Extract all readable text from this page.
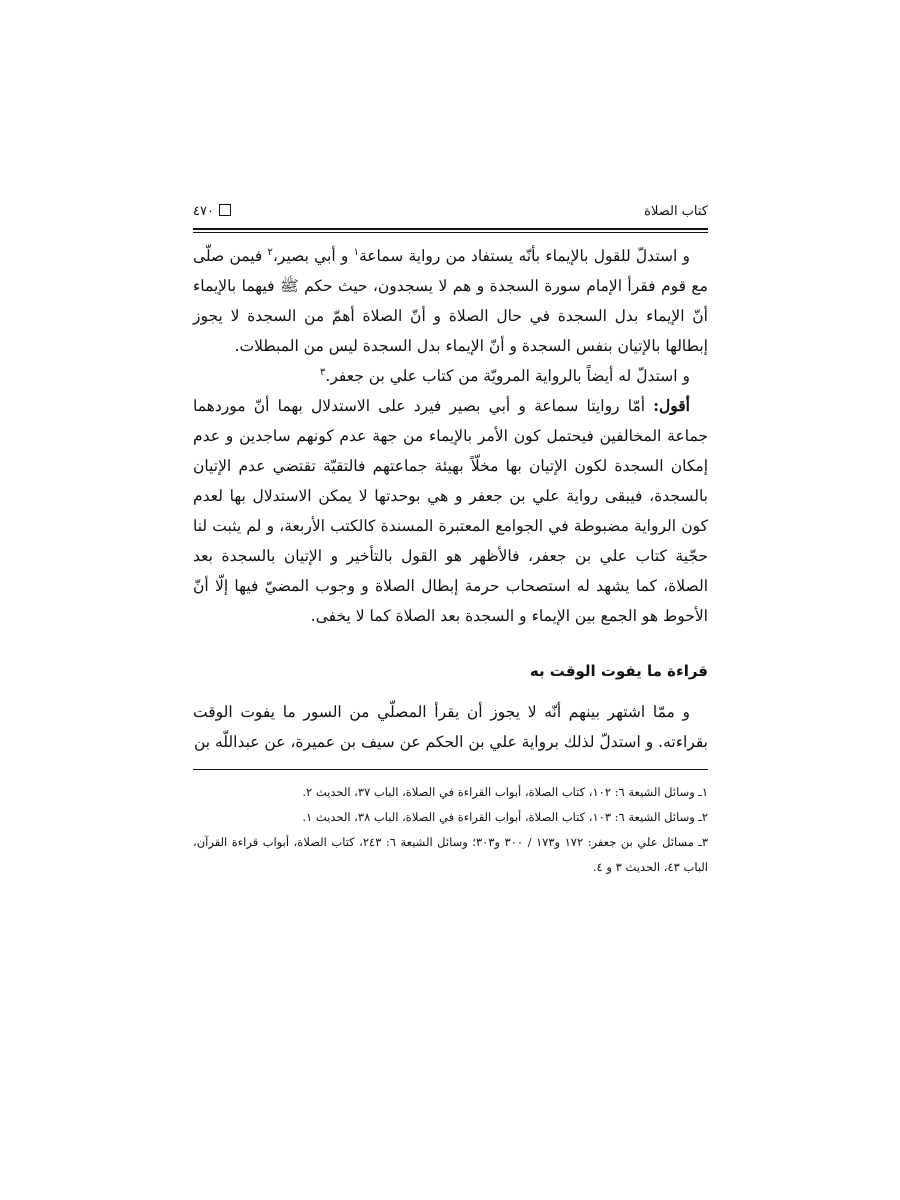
كتاب الصلاة
٤٧٠

و استدلّ للقول بالإيماء بأنّه يستفاد من رواية سماعة$^١$ و أبي بصير،$^٢$ فيمن صلّى مع قوم فقرأ الإمام سورة السجدة و هم لا يسجدون، حيث حكم ﷺ فيهما بالإيماء أنّ الإيماء بدل السجدة في حال الصلاة و أنّ الصلاة أهمّ من السجدة لا يجوز إبطالها بالإتيان بنفس السجدة و أنّ الإيماء بدل السجدة ليس من المبطلات.

و استدلّ له أيضاً بالرواية المرويّة من كتاب علي بن جعفر.$^٣$

أقول: أمّا روايتا سماعة و أبي بصير فيرد على الاستدلال بهما أنّ موردهما جماعة المخالفين فيحتمل كون الأمر بالإيماء من جهة عدم كونهم ساجدين و عدم إمكان السجدة لكون الإتيان بها مخلّاً بهيئة جماعتهم فالتقيّة تقتضي عدم الإتيان بالسجدة، فيبقى رواية علي بن جعفر و هي بوحدتها لا يمكن الاستدلال بها لعدم كون الرواية مضبوطة في الجوامع المعتبرة المسندة كالكتب الأربعة، و لم يثبت لنا حجّية كتاب علي بن جعفر، فالأظهر هو القول بالتأخير و الإتيان بالسجدة بعد الصلاة، كما يشهد له استصحاب حرمة إبطال الصلاة و وجوب المضيّ فيها إلّا أنّ الأحوط هو الجمع بين الإيماء و السجدة بعد الصلاة كما لا يخفى.

قراءة ما يفوت الوقت به

و ممّا اشتهر بينهم أنّه لا يجوز أن يقرأ المصلّي من السور ما يفوت الوقت بقراءته. و استدلّ لذلك برواية علي بن الحكم عن سيف بن عميرة، عن عبداللّه بن

١ـ وسائل الشيعة ٦: ١٠٢، كتاب الصلاة، أبواب القراءة في الصلاة، الباب ٣٧، الحديث ٢.

٢ـ وسائل الشيعة ٦: ١٠٣، كتاب الصلاة، أبواب القراءة في الصلاة، الباب ٣٨، الحديث ١.

٣ـ مسائل علي بن جعفر: ١٧٢ و١٧٣ / ٣٠٠ و٣٠٣؛ وسائل الشيعة ٦: ٢٤٣، كتاب الصلاة، أبواب قراءة القرآن، الباب ٤٣، الحديث ٣ و ٤.
